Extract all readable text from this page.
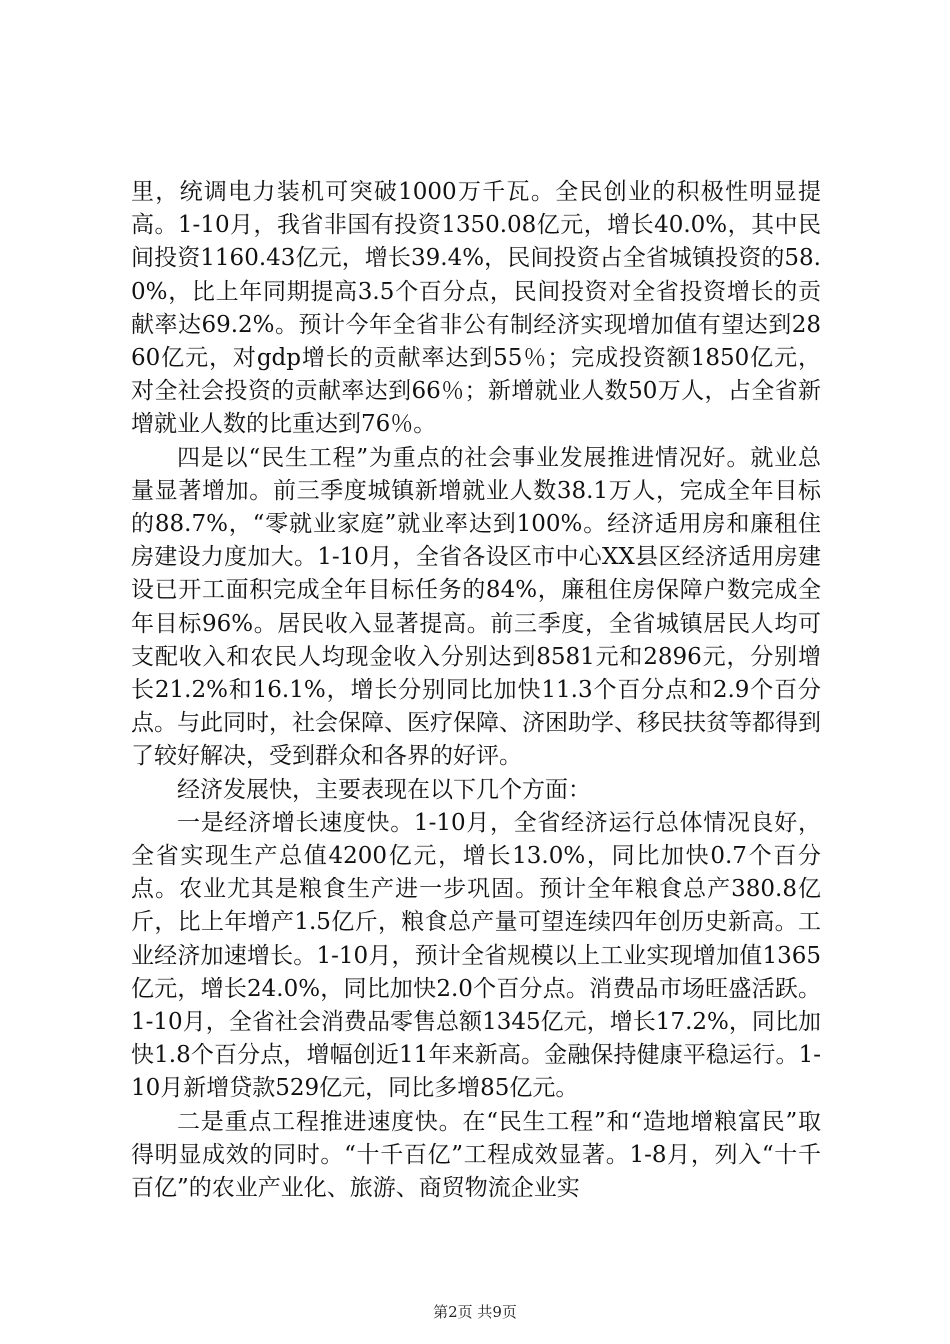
里，统调电力装机可突破1000万千瓦。全民创业的积极性明显提高。1-10月，我省非国有投资1350.08亿元，增长40.0%，其中民间投资1160.43亿元，增长39.4%，民间投资占全省城镇投资的58.0%，比上年同期提高3.5个百分点，民间投资对全省投资增长的贡献率达69.2%。预计今年全省非公有制经济实现增加值有望达到2860亿元，对gdp增长的贡献率达到55％；完成投资额1850亿元，对全社会投资的贡献率达到66％；新增就业人数50万人，占全省新增就业人数的比重达到76％。

四是以“民生工程”为重点的社会事业发展推进情况好。就业总量显著增加。前三季度城镇新增就业人数38.1万人，完成全年目标的88.7%，“零就业家庭”就业率达到100%。经济适用房和廉租住房建设力度加大。1-10月，全省各设区市中心XX县区经济适用房建设已开工面积完成全年目标任务的84%，廉租住房保障户数完成全年目标96%。居民收入显著提高。前三季度，全省城镇居民人均可支配收入和农民人均现金收入分别达到8581元和2896元，分别增长21.2%和16.1%，增长分别同比加快11.3个百分点和2.9个百分点。与此同时，社会保障、医疗保障、济困助学、移民扶贫等都得到了较好解决，受到群众和各界的好评。

经济发展快，主要表现在以下几个方面：

一是经济增长速度快。1-10月，全省经济运行总体情况良好，全省实现生产总值4200亿元，增长13.0%，同比加快0.7个百分点。农业尤其是粮食生产进一步巩固。预计全年粮食总产380.8亿斤，比上年增产1.5亿斤，粮食总产量可望连续四年创历史新高。工业经济加速增长。1-10月，预计全省规模以上工业实现增加值1365亿元，增长24.0%，同比加快2.0个百分点。消费品市场旺盛活跃。1-10月，全省社会消费品零售总额1345亿元，增长17.2%，同比加快1.8个百分点，增幅创近11年来新高。金融保持健康平稳运行。1-10月新增贷款529亿元，同比多增85亿元。

二是重点工程推进速度快。在“民生工程”和“造地增粮富民”取得明显成效的同时。“十千百亿”工程成效显著。1-8月，列入“十千百亿”的农业产业化、旅游、商贸物流企业实

第2页 共9页
